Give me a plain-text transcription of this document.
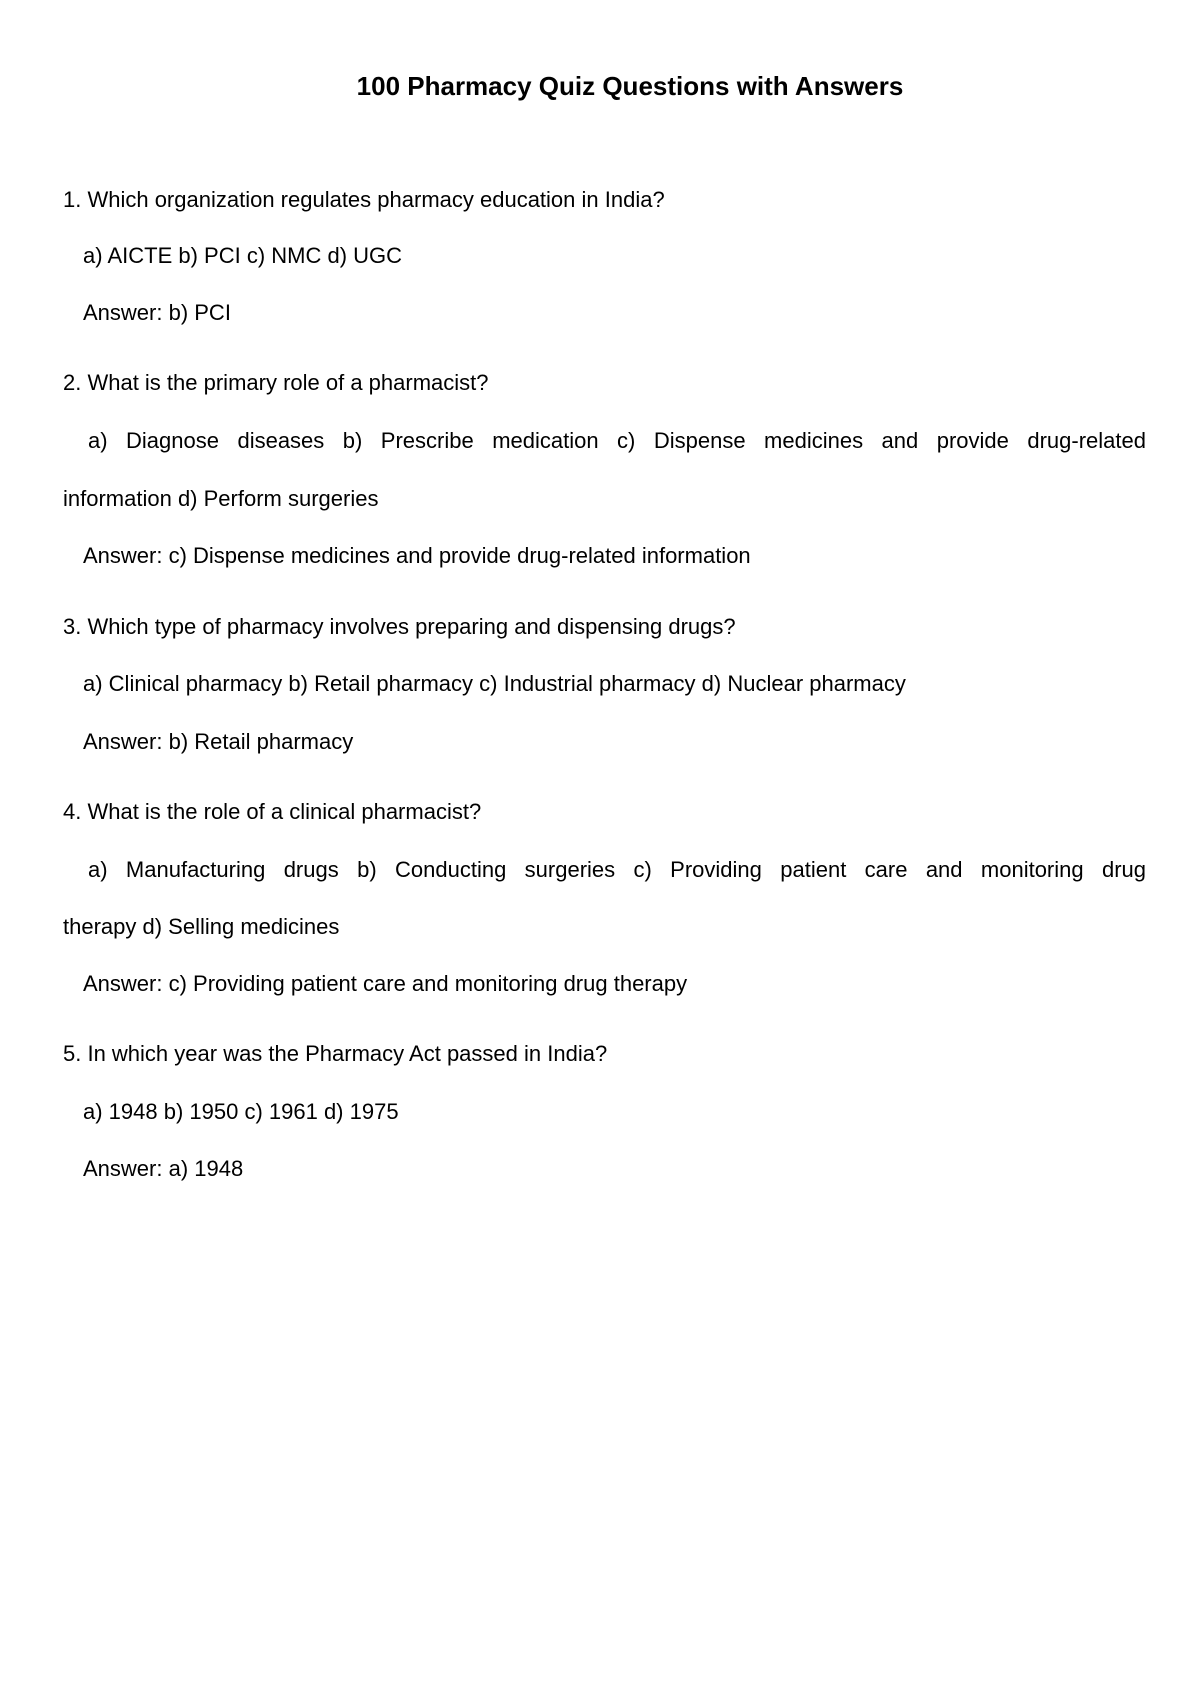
100 Pharmacy Quiz Questions with Answers
1. Which organization regulates pharmacy education in India?
a) AICTE b) PCI c) NMC d) UGC
Answer: b) PCI
2. What is the primary role of a pharmacist?
a) Diagnose diseases b) Prescribe medication c) Dispense medicines and provide drug-related
information d) Perform surgeries
Answer: c) Dispense medicines and provide drug-related information
3. Which type of pharmacy involves preparing and dispensing drugs?
a) Clinical pharmacy b) Retail pharmacy c) Industrial pharmacy d) Nuclear pharmacy
Answer: b) Retail pharmacy
4. What is the role of a clinical pharmacist?
a) Manufacturing drugs b) Conducting surgeries c) Providing patient care and monitoring drug
therapy d) Selling medicines
Answer: c) Providing patient care and monitoring drug therapy
5. In which year was the Pharmacy Act passed in India?
a) 1948 b) 1950 c) 1961 d) 1975
Answer: a) 1948
